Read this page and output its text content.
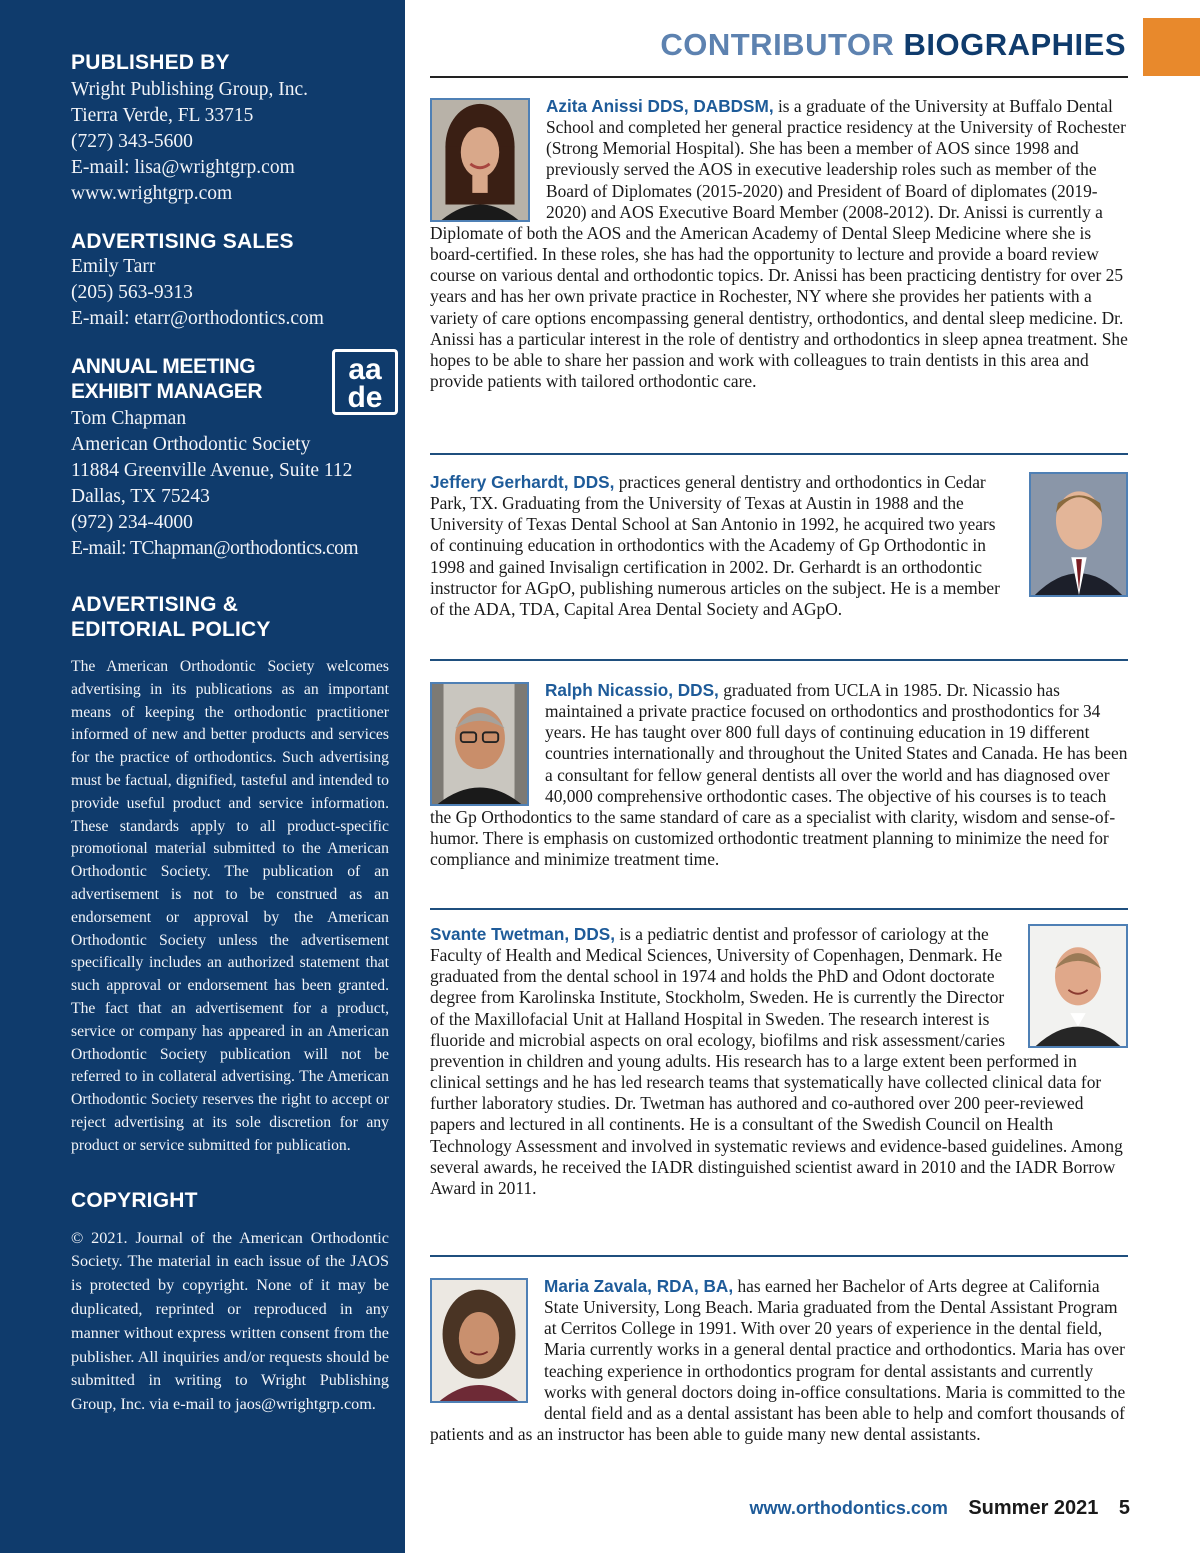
PUBLISHED BY
Wright Publishing Group, Inc.
Tierra Verde, FL 33715
(727) 343-5600
E-mail: lisa@wrightgrp.com
www.wrightgrp.com
ADVERTISING SALES
Emily Tarr
(205) 563-9313
E-mail: etarr@orthodontics.com
ANNUAL MEETING
EXHIBIT MANAGER
aa
de
Tom Chapman
American Orthodontic Society
11884 Greenville Avenue, Suite 112
Dallas, TX 75243
(972) 234-4000
E-mail: TChapman@orthodontics.com
ADVERTISING &
EDITORIAL POLICY

The American Orthodontic Society welcomes advertising in its publications as an important means of keeping the orthodontic practitioner informed of new and better products and services for the practice of orthodontics. Such advertising must be factual, dignified, tasteful and intended to provide useful product and service information. These standards apply to all product-specific promotional material submitted to the American Orthodontic Society. The publication of an advertisement is not to be construed as an endorsement or approval by the American Orthodontic Society unless the advertisement specifically includes an authorized statement that such approval or endorsement has been granted. The fact that an advertisement for a product, service or company has appeared in an American Orthodontic Society publication will not be referred to in collateral advertising. The American Orthodontic Society reserves the right to accept or reject advertising at its sole discretion for any product or service submitted for publication.

COPYRIGHT

© 2021. Journal of the American Orthodontic Society. The material in each issue of the JAOS is protected by copyright. None of it may be duplicated, reprinted or reproduced in any manner without express written consent from the publisher. All inquiries and/or requests should be submitted in writing to Wright Publishing Group, Inc. via e-mail to jaos@wrightgrp.com.

CONTRIBUTOR BIOGRAPHIES

Azita Anissi DDS, DABDSM, is a graduate of the University at Buffalo Dental School and completed her general practice residency at the University of Rochester (Strong Memorial Hospital). She has been a member of AOS since 1998 and previously served the AOS in executive leadership roles such as member of the Board of Diplomates (2015-2020) and President of Board of diplomates (2019-2020) and AOS Executive Board Member (2008-2012). Dr. Anissi is currently a Diplomate of both the AOS and the American Academy of Dental Sleep Medicine where she is board-certified. In these roles, she has had the opportunity to lecture and provide a board review course on various dental and orthodontic topics. Dr. Anissi has been practicing dentistry for over 25 years and has her own private practice in Rochester, NY where she provides her patients with a variety of care options encompassing general dentistry, orthodontics, and dental sleep medicine. Dr. Anissi has a particular interest in the role of dentistry and orthodontics in sleep apnea treatment. She hopes to be able to share her passion and work with colleagues to train dentists in this area and provide patients with tailored orthodontic care.

Jeffery Gerhardt, DDS, practices general dentistry and orthodontics in Cedar Park, TX. Graduating from the University of Texas at Austin in 1988 and the University of Texas Dental School at San Antonio in 1992, he acquired two years of continuing education in orthodontics with the Academy of Gp Orthodontic in 1998 and gained Invisalign certification in 2002. Dr. Gerhardt is an orthodontic instructor for AGpO, publishing numerous articles on the subject. He is a member of the ADA, TDA, Capital Area Dental Society and AGpO.

Ralph Nicassio, DDS, graduated from UCLA in 1985. Dr. Nicassio has maintained a private practice focused on orthodontics and prosthodontics for 34 years. He has taught over 800 full days of continuing education in 19 different countries internationally and throughout the United States and Canada. He has been a consultant for fellow general dentists all over the world and has diagnosed over 40,000 comprehensive orthodontic cases. The objective of his courses is to teach the Gp Orthodontics to the same standard of care as a specialist with clarity, wisdom and sense-of-humor. There is emphasis on customized orthodontic treatment planning to minimize the need for compliance and minimize treatment time.

Svante Twetman, DDS, is a pediatric dentist and professor of cariology at the Faculty of Health and Medical Sciences, University of Copenhagen, Denmark. He graduated from the dental school in 1974 and holds the PhD and Odont doctorate degree from Karolinska Institute, Stockholm, Sweden. He is currently the Director of the Maxillofacial Unit at Halland Hospital in Sweden. The research interest is fluoride and microbial aspects on oral ecology, biofilms and risk assessment/caries prevention in children and young adults. His research has to a large extent been performed in clinical settings and he has led research teams that systematically have collected clinical data for further laboratory studies. Dr. Twetman has authored and co-authored over 200 peer-reviewed papers and lectured in all continents. He is a consultant of the Swedish Council on Health Technology Assessment and involved in systematic reviews and evidence-based guidelines. Among several awards, he received the IADR distinguished scientist award in 2010 and the IADR Borrow Award in 2011.

Maria Zavala, RDA, BA, has earned her Bachelor of Arts degree at California State University, Long Beach. Maria graduated from the Dental Assistant Program at Cerritos College in 1991. With over 20 years of experience in the dental field, Maria currently works in a general dental practice and orthodontics. Maria has over teaching experience in orthodontics program for dental assistants and currently works with general doctors doing in-office consultations. Maria is committed to the dental field and as a dental assistant has been able to help and comfort thousands of patients and as an instructor has been able to guide many new dental assistants.

www.orthodontics.com Summer 2021 5
